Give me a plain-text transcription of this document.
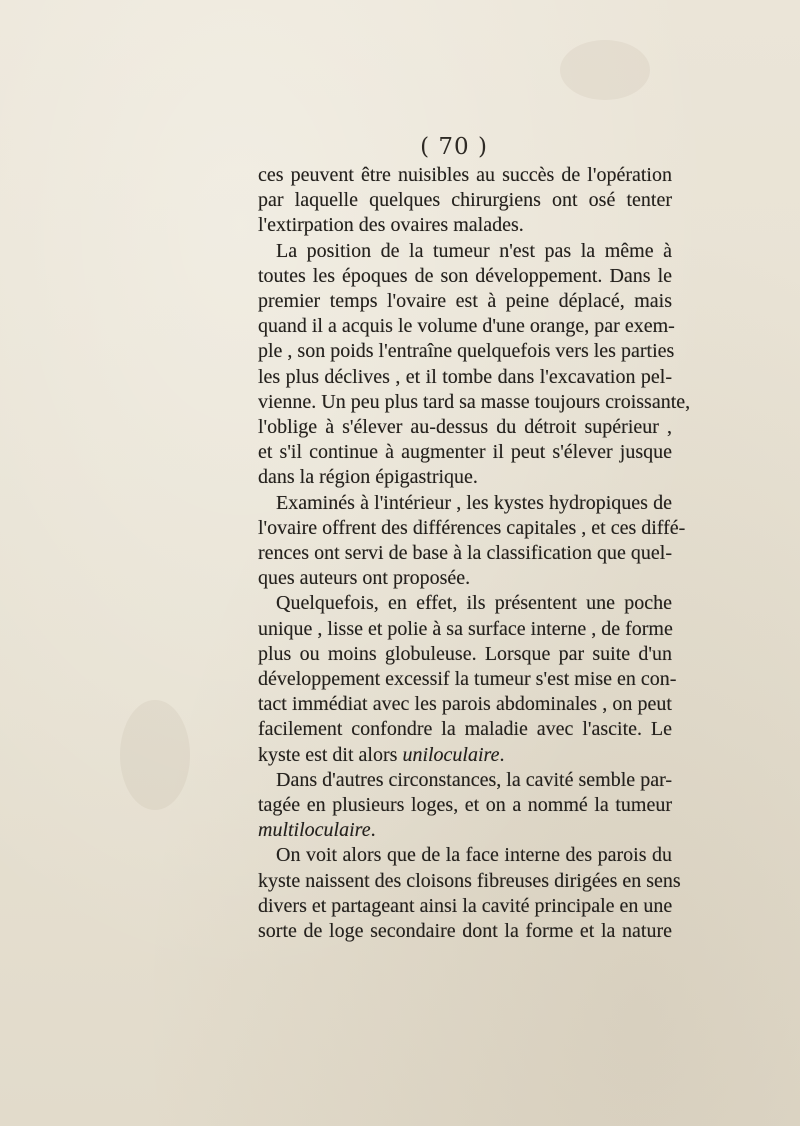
( 70 )

ces peuvent être nuisibles au succès de l'opération
par laquelle quelques chirurgiens ont osé tenter
l'extirpation des ovaires malades.

La position de la tumeur n'est pas la même à
toutes les époques de son développement. Dans le
premier temps l'ovaire est à peine déplacé, mais
quand il a acquis le volume d'une orange, par exem-
ple , son poids l'entraîne quelquefois vers les parties
les plus déclives , et il tombe dans l'excavation pel-
vienne. Un peu plus tard sa masse toujours croissante,
l'oblige à s'élever au-dessus du détroit supérieur ,
et s'il continue à augmenter il peut s'élever jusque
dans la région épigastrique.

Examinés à l'intérieur , les kystes hydropiques de
l'ovaire offrent des différences capitales , et ces diffé-
rences ont servi de base à la classification que quel-
ques auteurs ont proposée.

Quelquefois, en effet, ils présentent une poche
unique , lisse et polie à sa surface interne , de forme
plus ou moins globuleuse. Lorsque par suite d'un
développement excessif la tumeur s'est mise en con-
tact immédiat avec les parois abdominales , on peut
facilement confondre la maladie avec l'ascite. Le
kyste est dit alors uniloculaire.

Dans d'autres circonstances, la cavité semble par-
tagée en plusieurs loges, et on a nommé la tumeur
multiloculaire.

On voit alors que de la face interne des parois du
kyste naissent des cloisons fibreuses dirigées en sens
divers et partageant ainsi la cavité principale en une
sorte de loge secondaire dont la forme et la nature
